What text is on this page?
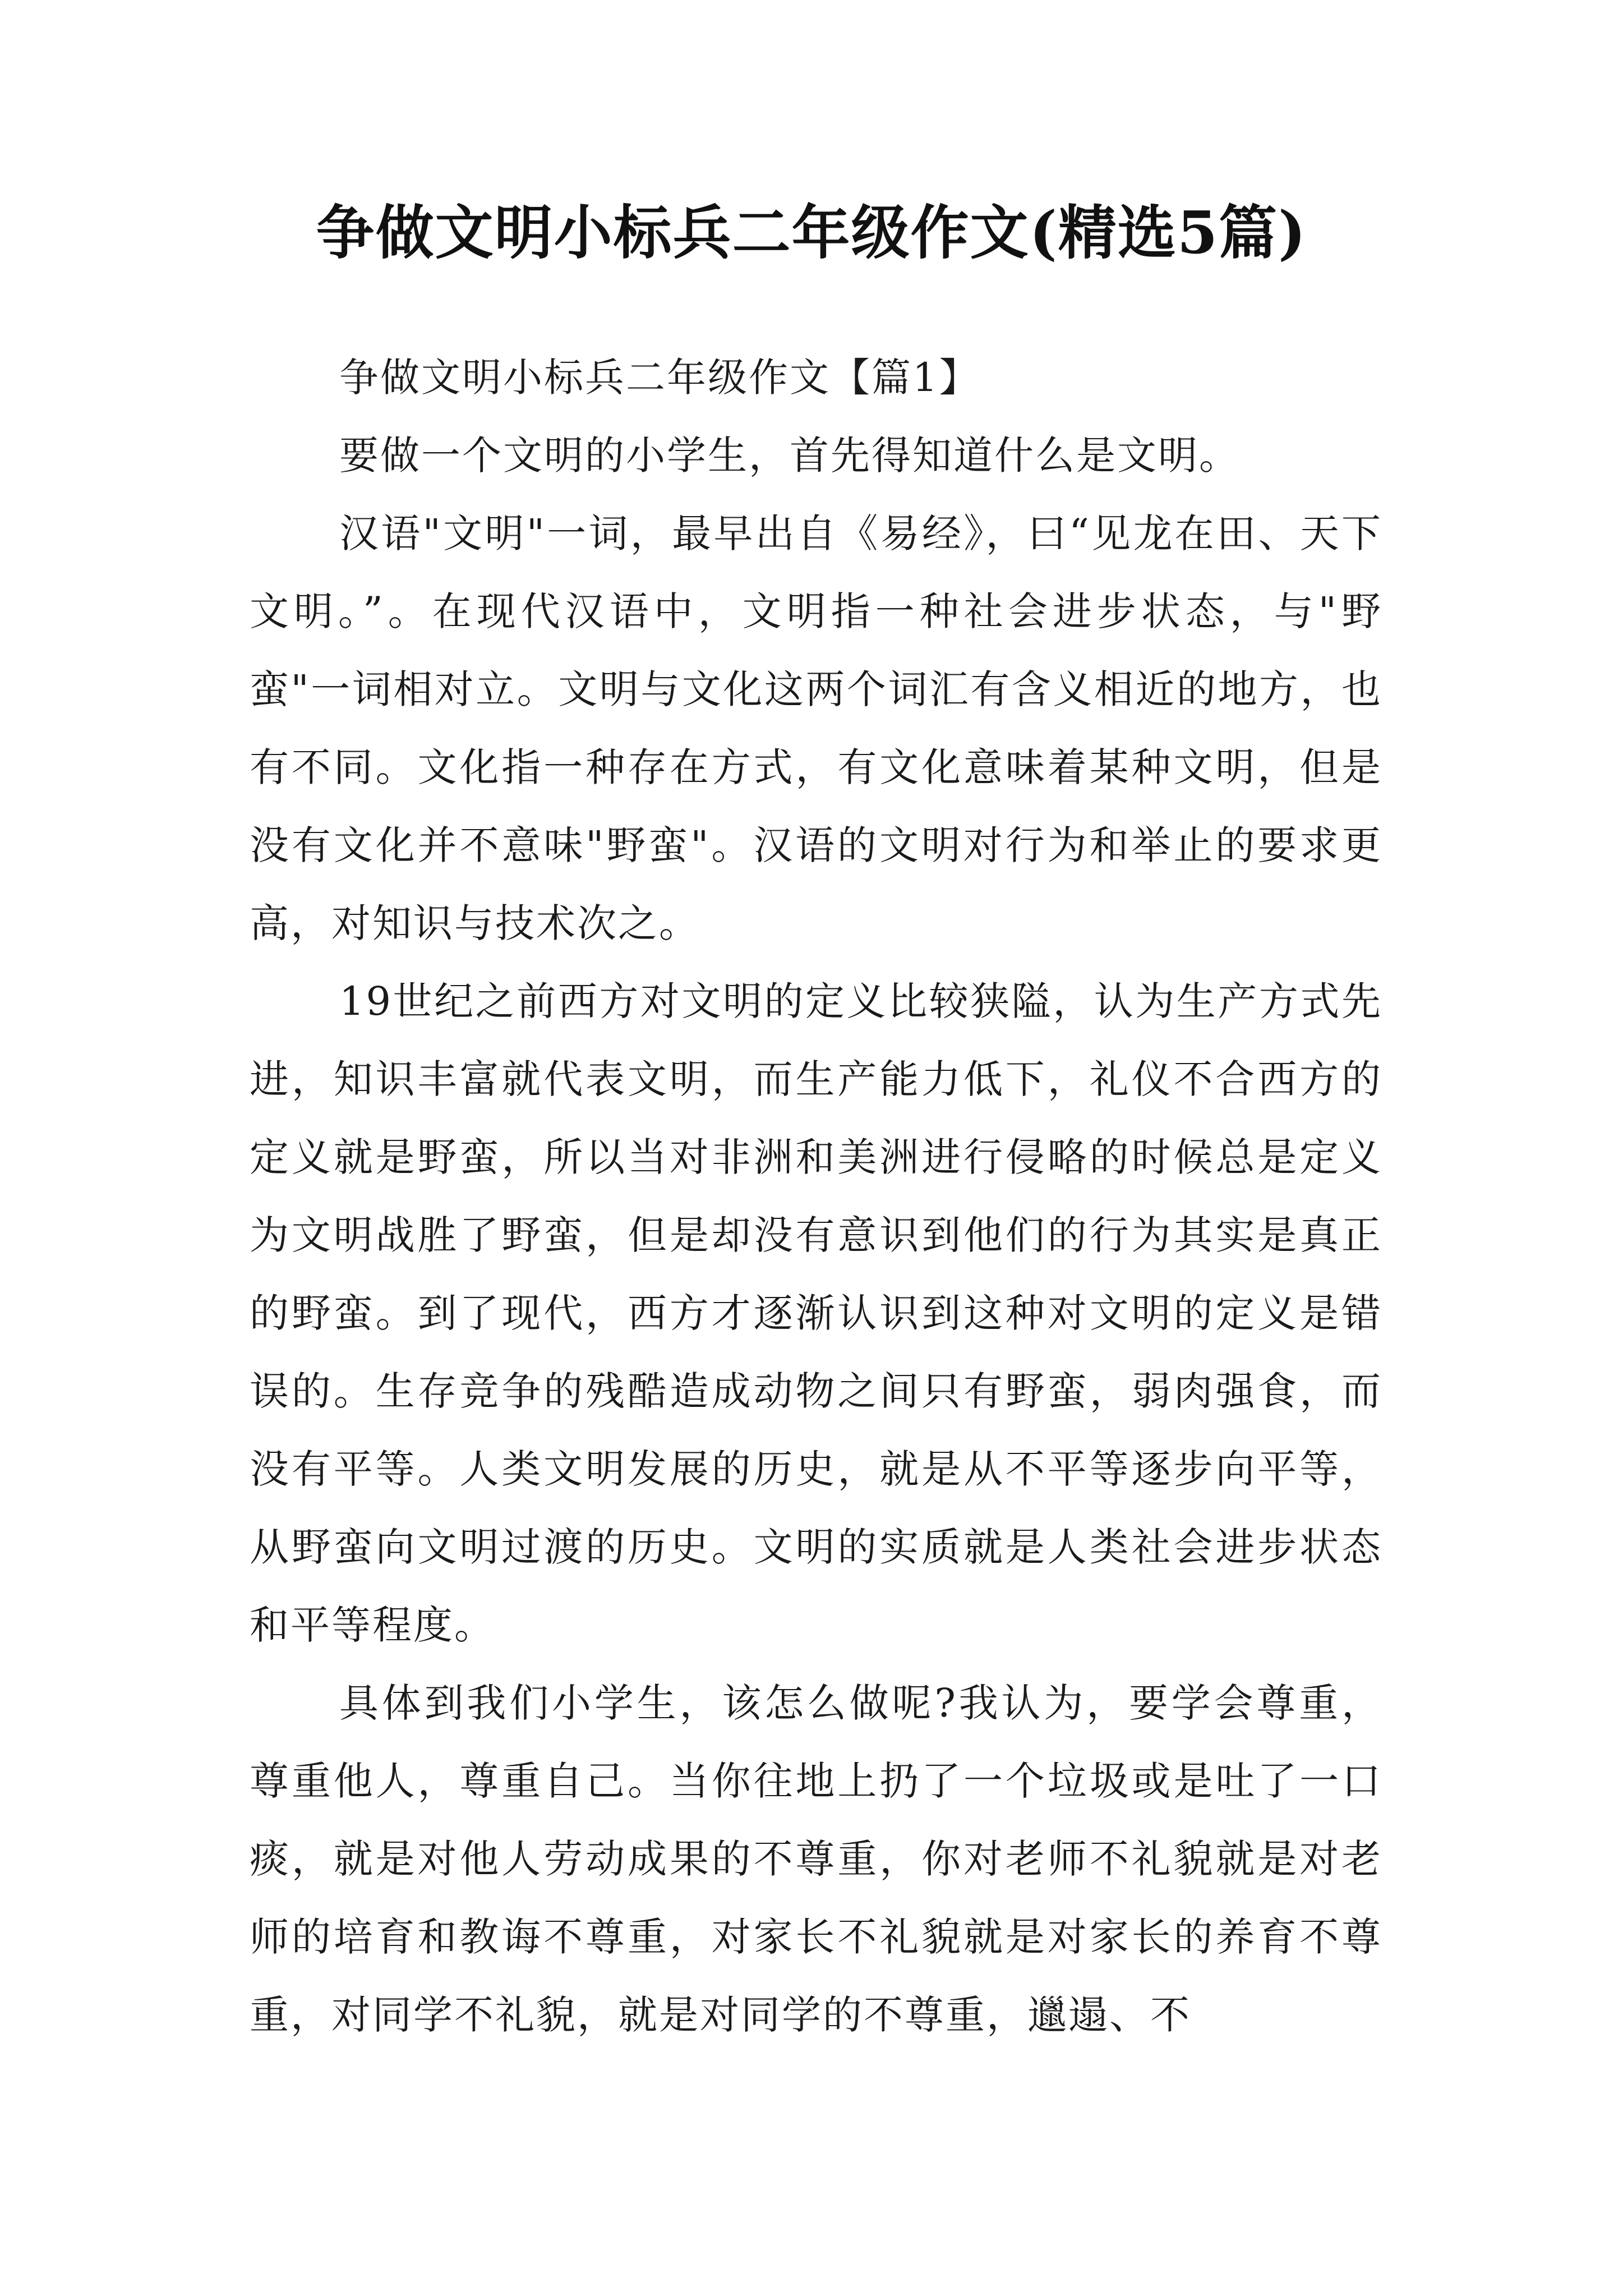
争做文明小标兵二年级作文(精选5篇)

争做文明小标兵二年级作文【篇1】

要做一个文明的小学生，首先得知道什么是文明。

汉语"文明"一词，最早出自《易经》，曰“见龙在田、天下文明。”。在现代汉语中，文明指一种社会进步状态，与"野蛮"一词相对立。文明与文化这两个词汇有含义相近的地方，也有不同。文化指一种存在方式，有文化意味着某种文明，但是没有文化并不意味"野蛮"。汉语的文明对行为和举止的要求更高，对知识与技术次之。

19世纪之前西方对文明的定义比较狭隘，认为生产方式先进，知识丰富就代表文明，而生产能力低下，礼仪不合西方的定义就是野蛮，所以当对非洲和美洲进行侵略的时候总是定义为文明战胜了野蛮，但是却没有意识到他们的行为其实是真正的野蛮。到了现代，西方才逐渐认识到这种对文明的定义是错误的。生存竞争的残酷造成动物之间只有野蛮，弱肉强食，而没有平等。人类文明发展的历史，就是从不平等逐步向平等，从野蛮向文明过渡的历史。文明的实质就是人类社会进步状态和平等程度。

具体到我们小学生，该怎么做呢?我认为，要学会尊重，尊重他人，尊重自己。当你往地上扔了一个垃圾或是吐了一口痰，就是对他人劳动成果的不尊重，你对老师不礼貌就是对老师的培育和教诲不尊重，对家长不礼貌就是对家长的养育不尊重，对同学不礼貌，就是对同学的不尊重，邋遢、不
